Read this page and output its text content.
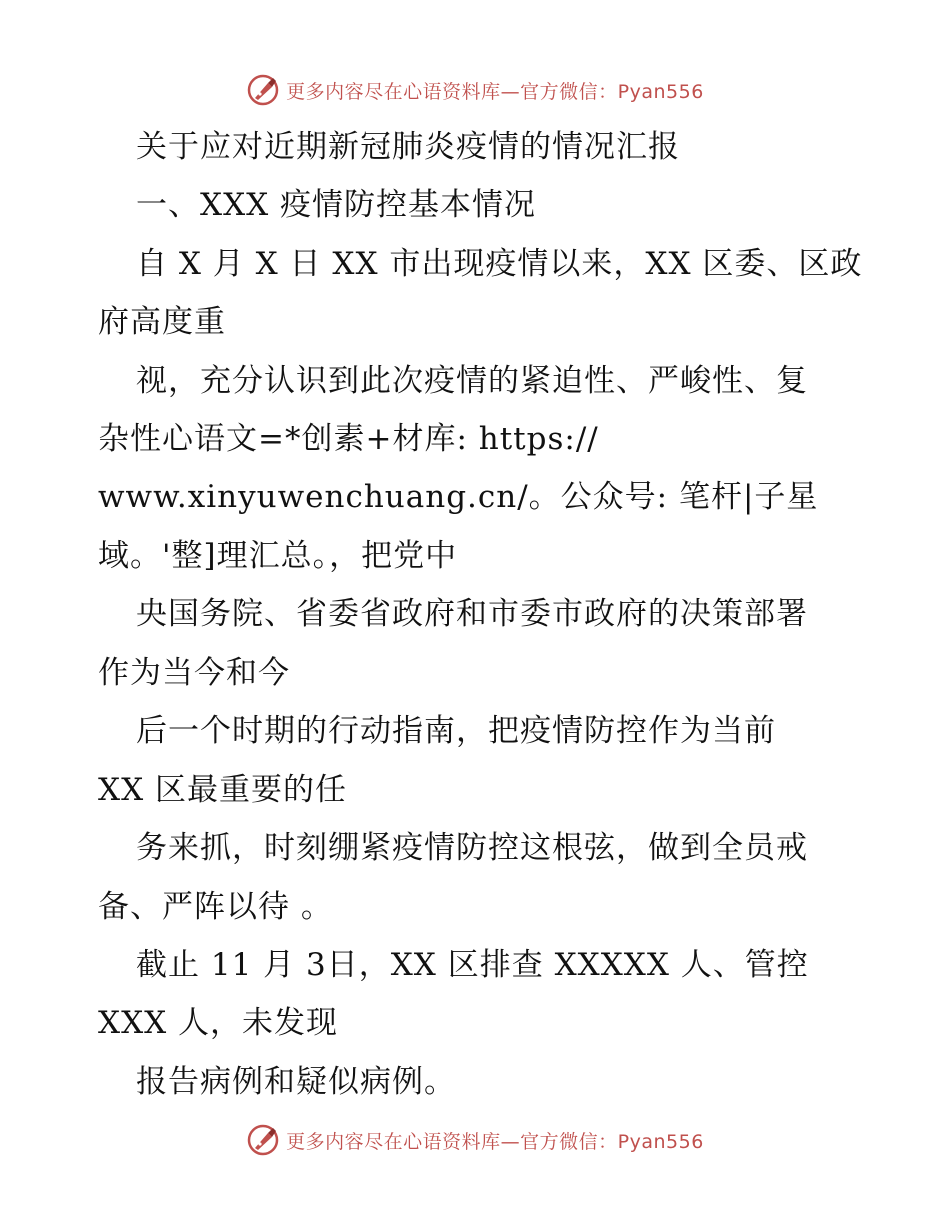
更多内容尽在心语资料库—官方微信：Pyan556
关于应对近期新冠肺炎疫情的情况汇报
一、XXX 疫情防控基本情况
自 X 月 X 日 XX 市出现疫情以来，XX 区委、区政
府高度重
视，充分认识到此次疫情的紧迫性、严峻性、复
杂性心语文=*创素+材库: https://
www.xinyuwenchuang.cn/。公众号: 笔杆|子星
域。'整]理汇总。，把党中
央国务院、省委省政府和市委市政府的决策部署
作为当今和今
后一个时期的行动指南，把疫情防控作为当前
XX 区最重要的任
务来抓，时刻绷紧疫情防控这根弦，做到全员戒
备、严阵以待 。
截止 11 月 3日，XX 区排查 XXXXX 人、管控
XXX 人，未发现
报告病例和疑似病例。
更多内容尽在心语资料库—官方微信：Pyan556
